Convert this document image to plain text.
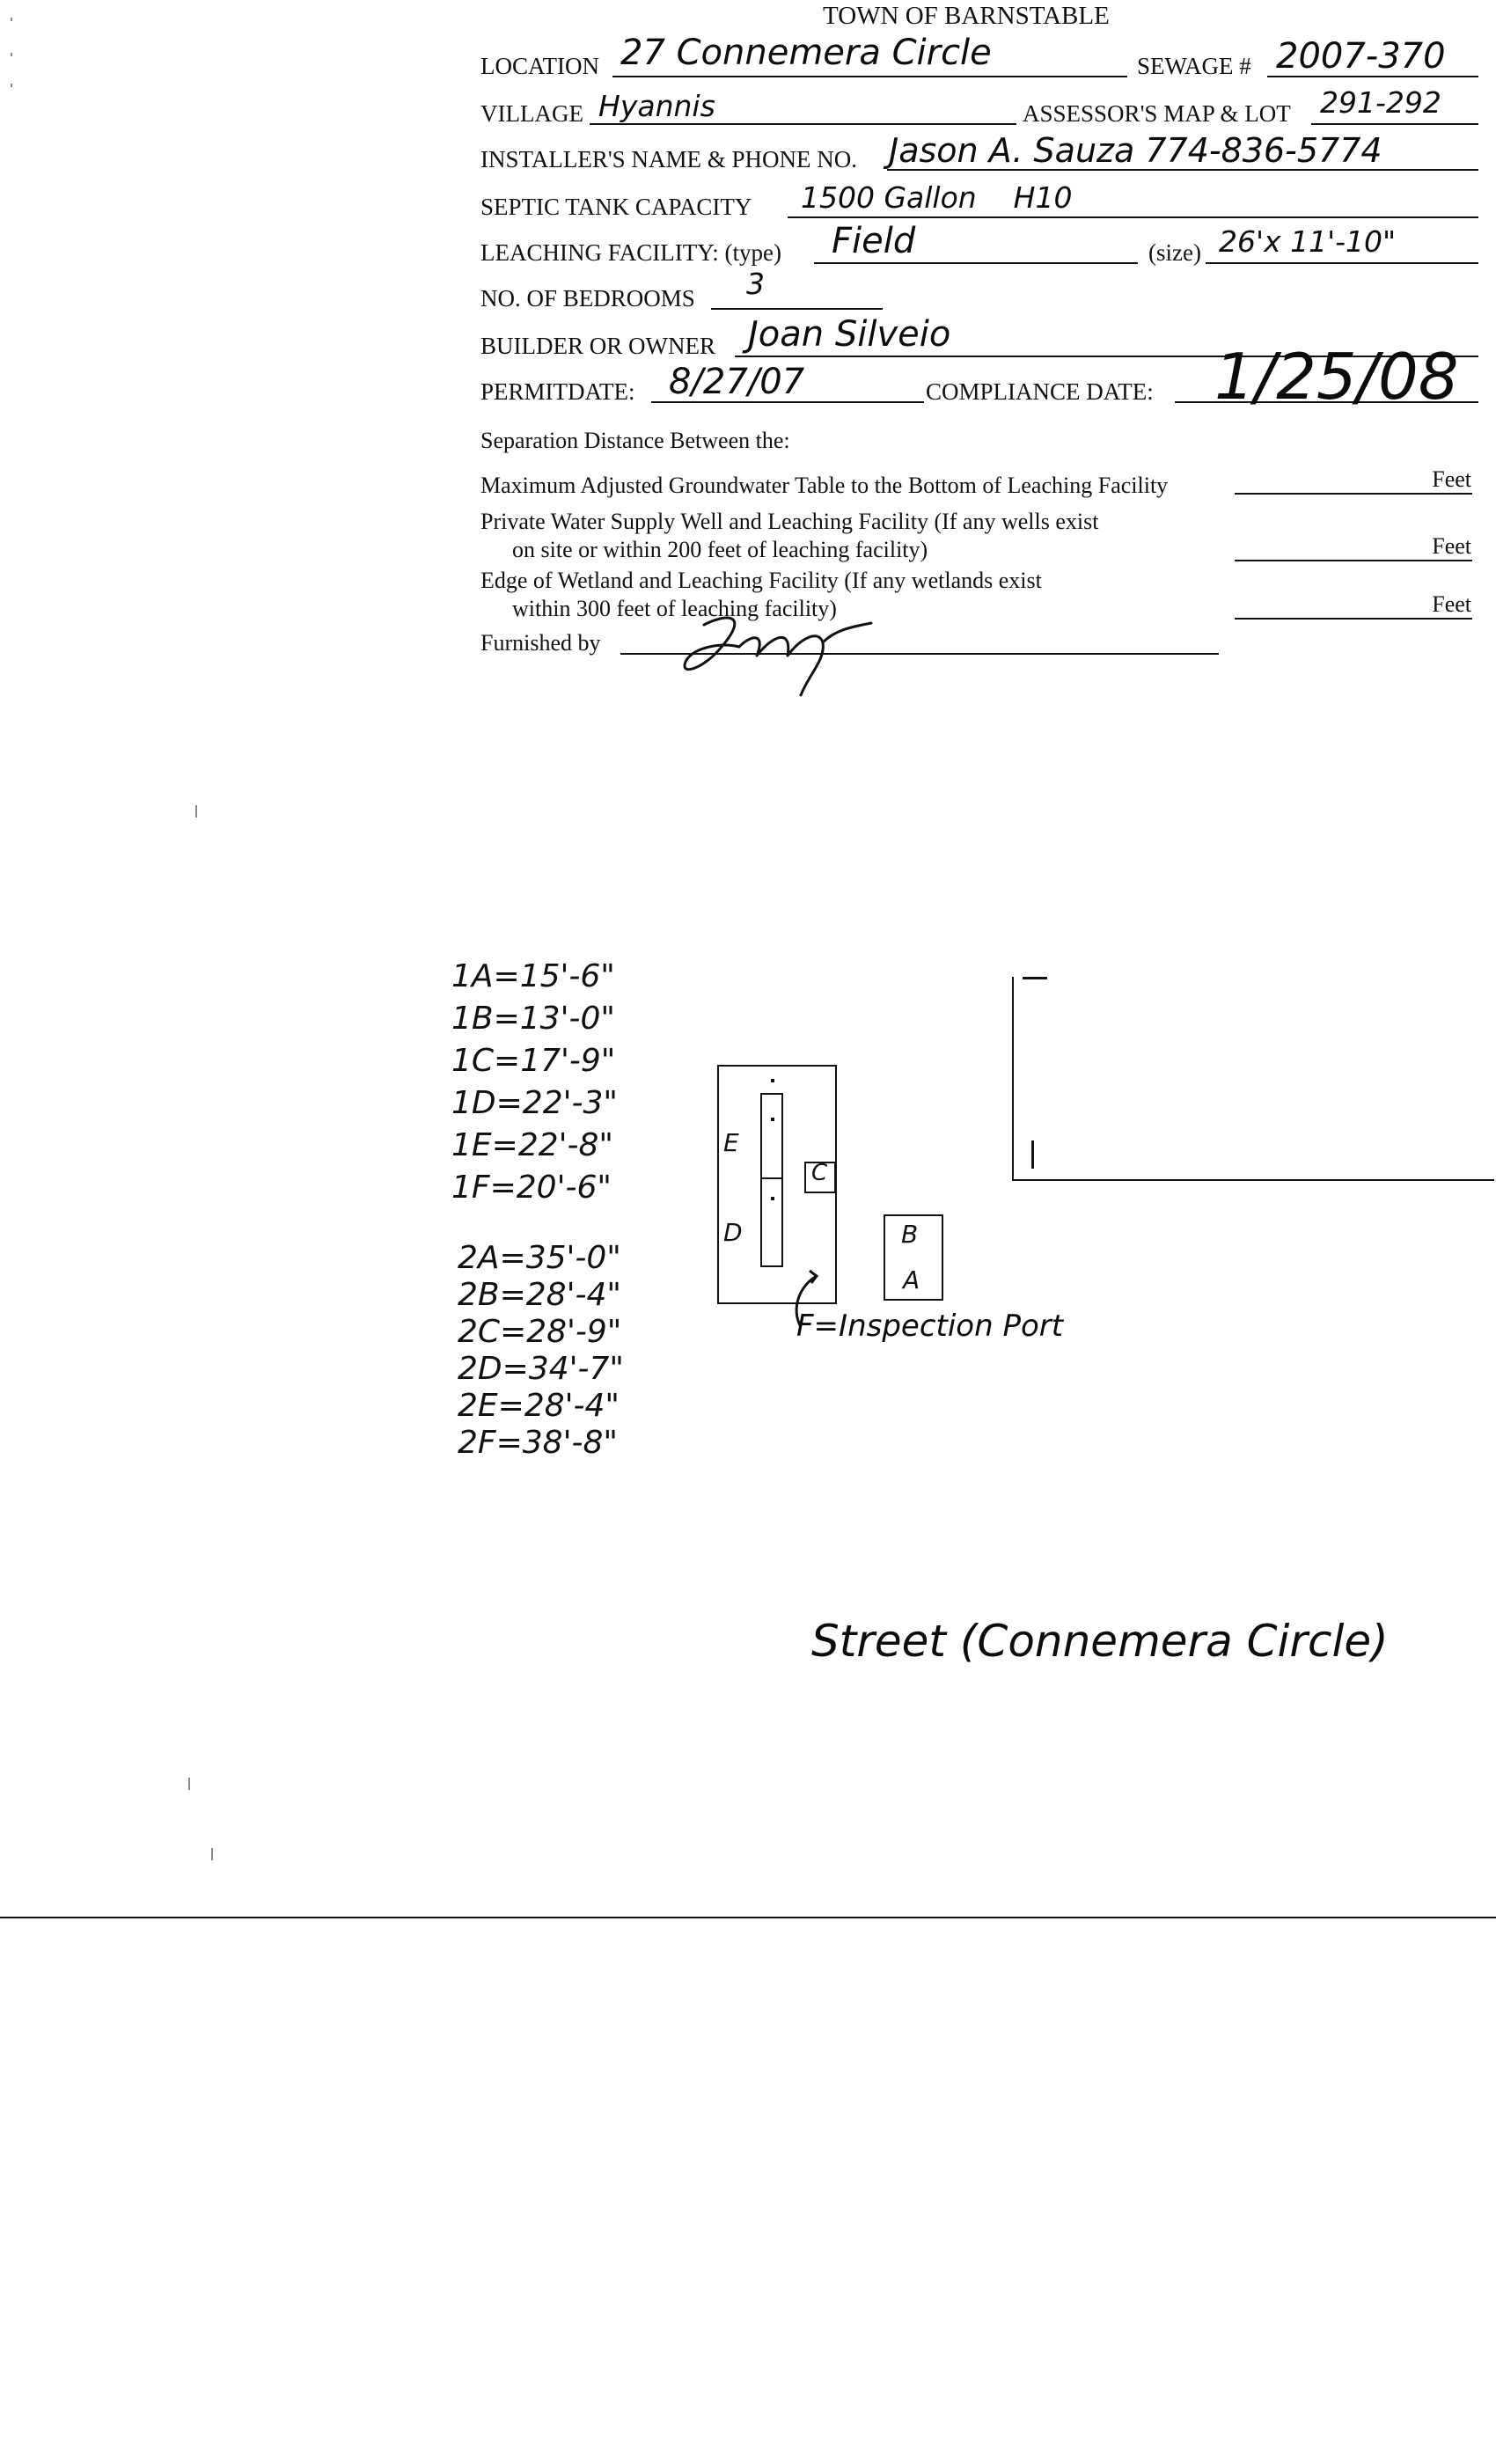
TOWN OF BARNSTABLE
LOCATION 27 Connemera Circle	SEWAGE # 2007-370
VILLAGE Hyannis	ASSESSOR'S MAP & LOT 291-292
INSTALLER'S NAME & PHONE NO. Jason A. Sauza 774-836-5774
SEPTIC TANK CAPACITY 1500 Gallon    H10
LEACHING FACILITY: (type) Field	(size) 26'x 11'-10"
NO. OF BEDROOMS 3
BUILDER OR OWNER Joan Silveio
PERMITDATE: 8/27/07	COMPLIANCE DATE: 1/25/08
Separation Distance Between the:
Maximum Adjusted Groundwater Table to the Bottom of Leaching Facility	Feet
Private Water Supply Well and Leaching Facility (If any wells exist
on site or within 200 feet of leaching facility)	Feet
Edge of Wetland and Leaching Facility (If any wetlands exist
within 300 feet of leaching facility)	Feet
Furnished by
1A=15'-6"
1B=13'-0"
1C=17'-9"
1D=22'-3"
1E=22'-8"
1F=20'-6"
2A=35'-0"
2B=28'-4"
2C=28'-9"
2D=34'-7"
2E=28'-4"
2F=38'-8"
E
D
C
B
A
F=Inspection Port
Street (Connemera Circle)
